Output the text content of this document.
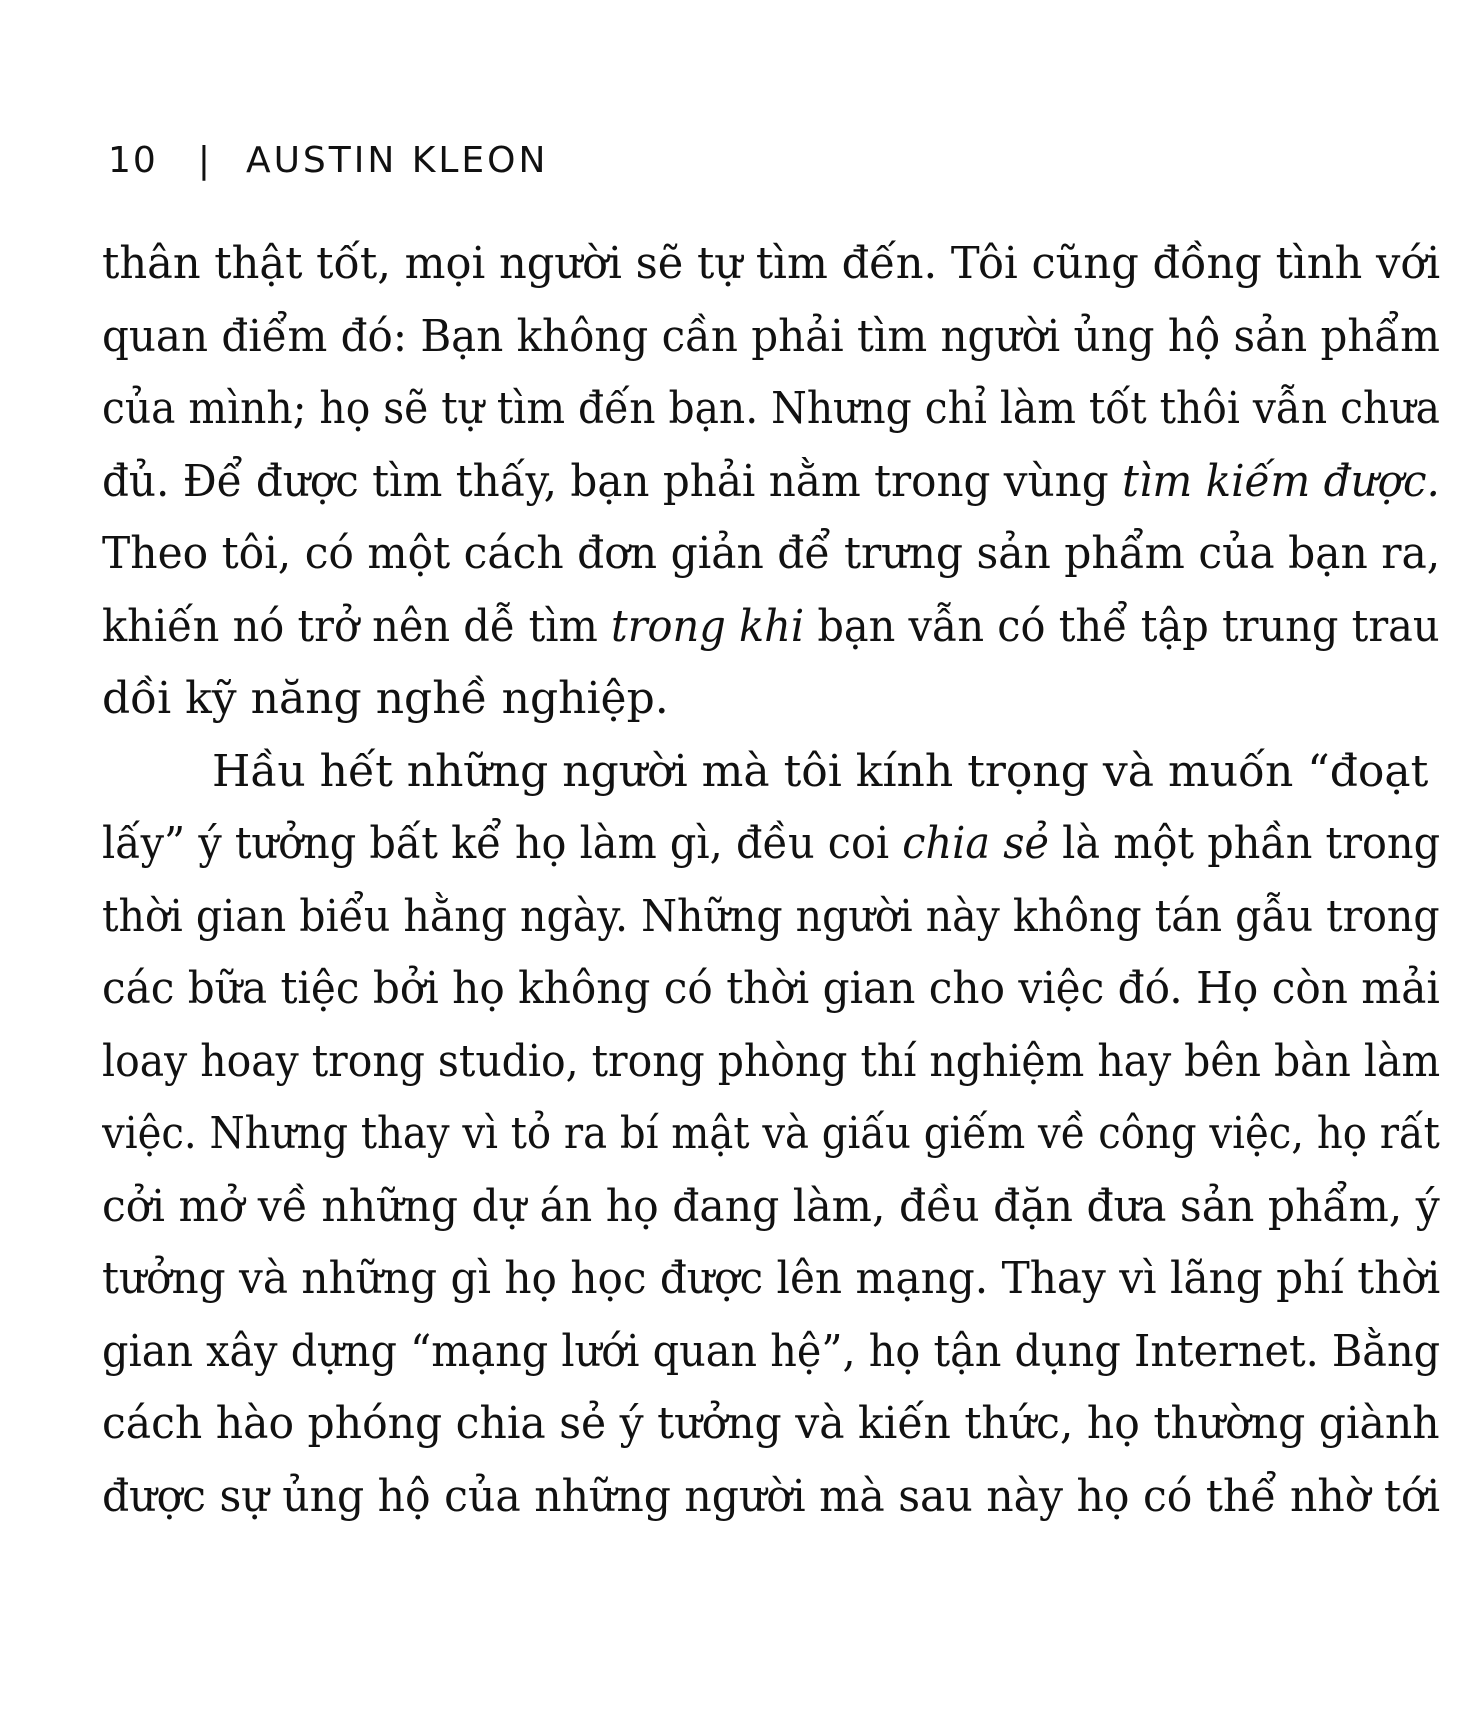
10 | AUSTIN KLEON
thân thật tốt, mọi người sẽ tự tìm đến. Tôi cũng đồng tình với
quan điểm đó: Bạn không cần phải tìm người ủng hộ sản phẩm
của mình; họ sẽ tự tìm đến bạn. Nhưng chỉ làm tốt thôi vẫn chưa
đủ. Để được tìm thấy, bạn phải nằm trong vùng tìm kiếm được.
Theo tôi, có một cách đơn giản để trưng sản phẩm của bạn ra,
khiến nó trở nên dễ tìm trong khi bạn vẫn có thể tập trung trau
dồi kỹ năng nghề nghiệp.
Hầu hết những người mà tôi kính trọng và muốn “đoạt
lấy” ý tưởng bất kể họ làm gì, đều coi chia sẻ là một phần trong
thời gian biểu hằng ngày. Những người này không tán gẫu trong
các bữa tiệc bởi họ không có thời gian cho việc đó. Họ còn mải
loay hoay trong studio, trong phòng thí nghiệm hay bên bàn làm
việc. Nhưng thay vì tỏ ra bí mật và giấu giếm về công việc, họ rất
cởi mở về những dự án họ đang làm, đều đặn đưa sản phẩm, ý
tưởng và những gì họ học được lên mạng. Thay vì lãng phí thời
gian xây dựng “mạng lưới quan hệ”, họ tận dụng Internet. Bằng
cách hào phóng chia sẻ ý tưởng và kiến thức, họ thường giành
được sự ủng hộ của những người mà sau này họ có thể nhờ tới
